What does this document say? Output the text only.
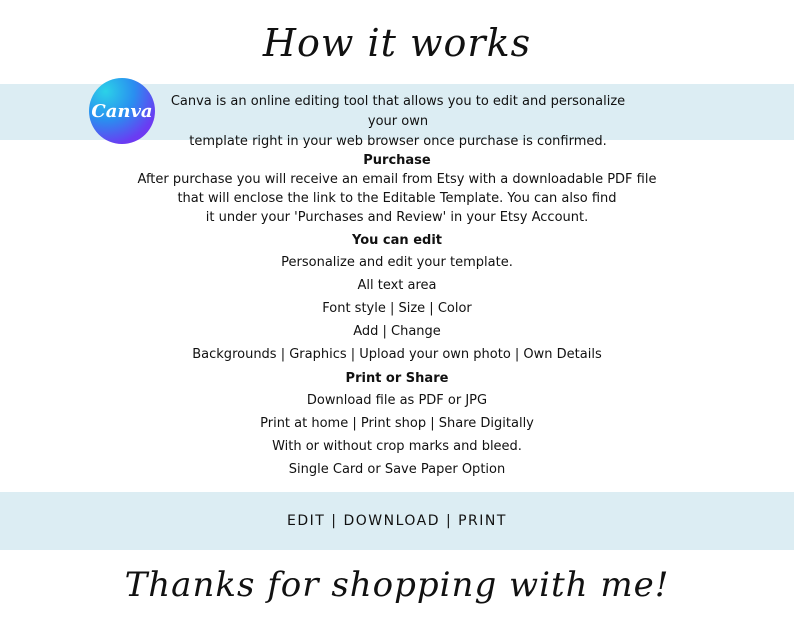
How it works
Canva	Canva is an online editing tool that allows you to edit and personalize your own
template right in your web browser once purchase is confirmed.
Purchase
After purchase you will receive an email from Etsy with a downloadable PDF file
that will enclose the link to the Editable Template. You can also find
it under your 'Purchases and Review' in your Etsy Account.
You can edit
Personalize and edit your template.
All text area
Font style | Size | Color
Add | Change
Backgrounds | Graphics | Upload your own photo | Own Details
Print or Share
Download file as PDF or JPG
Print at home | Print shop | Share Digitally
With or without crop marks and bleed.
Single Card or Save Paper Option
EDIT | DOWNLOAD | PRINT
Thanks for shopping with me!
